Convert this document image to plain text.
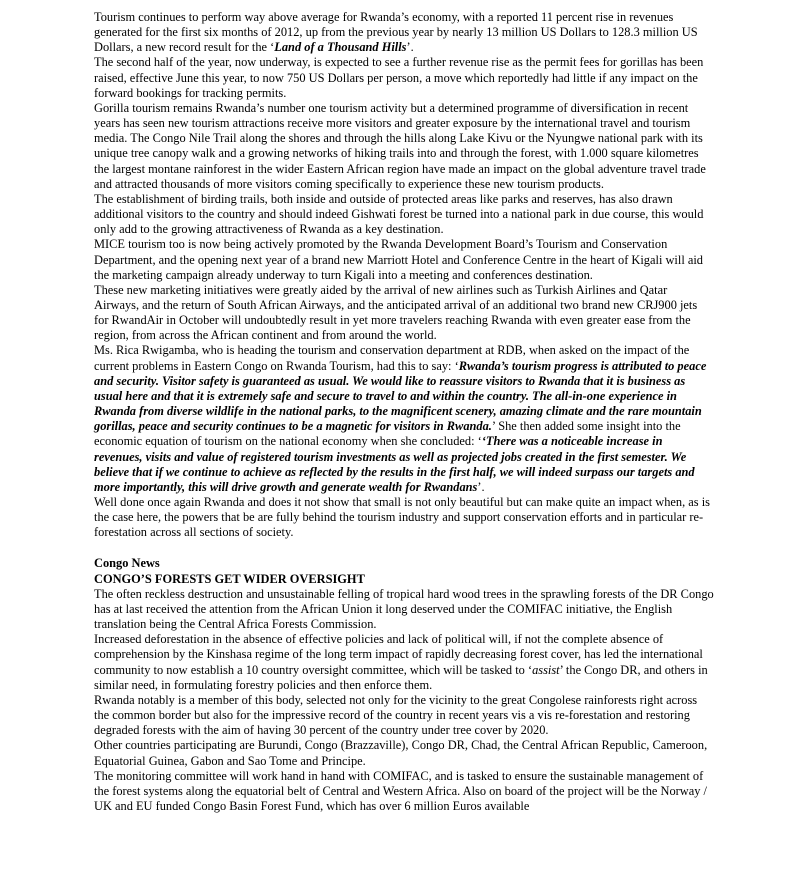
Tourism continues to perform way above average for Rwanda’s economy, with a reported 11 percent rise in revenues generated for the first six months of 2012, up from the previous year by nearly 13 million US Dollars to 128.3 million US Dollars, a new record result for the ‘Land of a Thousand Hills’.

The second half of the year, now underway, is expected to see a further revenue rise as the permit fees for gorillas has been raised, effective June this year, to now 750 US Dollars per person, a move which reportedly had little if any impact on the forward bookings for tracking permits.

Gorilla tourism remains Rwanda’s number one tourism activity but a determined programme of diversification in recent years has seen new tourism attractions receive more visitors and greater exposure by the international travel and tourism media. The Congo Nile Trail along the shores and through the hills along Lake Kivu or the Nyungwe national park with its unique tree canopy walk and a growing networks of hiking trails into and through the forest, with 1.000 square kilometres the largest montane rainforest in the wider Eastern African region have made an impact on the global adventure travel trade and attracted thousands of more visitors coming specifically to experience these new tourism products.

The establishment of birding trails, both inside and outside of protected areas like parks and reserves, has also drawn additional visitors to the country and should indeed Gishwati forest be turned into a national park in due course, this would only add to the growing attractiveness of Rwanda as a key destination.

MICE tourism too is now being actively promoted by the Rwanda Development Board’s Tourism and Conservation Department, and the opening next year of a brand new Marriott Hotel and Conference Centre in the heart of Kigali will aid the marketing campaign already underway to turn Kigali into a meeting and conferences destination.

These new marketing initiatives were greatly aided by the arrival of new airlines such as Turkish Airlines and Qatar Airways, and the return of South African Airways, and the anticipated arrival of an additional two brand new CRJ900 jets for RwandAir in October will undoubtedly result in yet more travelers reaching Rwanda with even greater ease from the region, from across the African continent and from around the world.

Ms. Rica Rwigamba, who is heading the tourism and conservation department at RDB, when asked on the impact of the current problems in Eastern Congo on Rwanda Tourism, had this to say: ‘Rwanda’s tourism progress is attributed to peace and security. Visitor safety is guaranteed as usual. We would like to reassure visitors to Rwanda that it is business as usual here and that it is extremely safe and secure to travel to and within the country. The all-in-one experience in Rwanda from diverse wildlife in the national parks, to the magnificent scenery, amazing climate and the rare mountain gorillas, peace and security continues to be a magnetic for visitors in Rwanda.’ She then added some insight into the economic equation of tourism on the national economy when she concluded: ‘‘There was a noticeable increase in revenues, visits and value of registered tourism investments as well as projected jobs created in the first semester. We believe that if we continue to achieve as reflected by the results in the first half, we will indeed surpass our targets and more importantly, this will drive growth and generate wealth for Rwandans’.

Well done once again Rwanda and does it not show that small is not only beautiful but can make quite an impact when, as is the case here, the powers that be are fully behind the tourism industry and support conservation efforts and in particular re-forestation across all sections of society.

Congo News

CONGO’S FORESTS GET WIDER OVERSIGHT

The often reckless destruction and unsustainable felling of tropical hard wood trees in the sprawling forests of the DR Congo has at last received the attention from the African Union it long deserved under the COMIFAC initiative, the English translation being the Central Africa Forests Commission.

Increased deforestation in the absence of effective policies and lack of political will, if not the complete absence of comprehension by the Kinshasa regime of the long term impact of rapidly decreasing forest cover, has led the international community to now establish a 10 country oversight committee, which will be tasked to ‘assist’ the Congo DR, and others in similar need, in formulating forestry policies and then enforce them.

Rwanda notably is a member of this body, selected not only for the vicinity to the great Congolese rainforests right across the common border but also for the impressive record of the country in recent years vis a vis re-forestation and restoring degraded forests with the aim of having 30 percent of the country under tree cover by 2020.

Other countries participating are Burundi, Congo (Brazzaville), Congo DR, Chad, the Central African Republic, Cameroon, Equatorial Guinea, Gabon and Sao Tome and Principe.

The monitoring committee will work hand in hand with COMIFAC, and is tasked to ensure the sustainable management of the forest systems along the equatorial belt of Central and Western Africa. Also on board of the project will be the Norway / UK and EU funded Congo Basin Forest Fund, which has over 6 million Euros available
